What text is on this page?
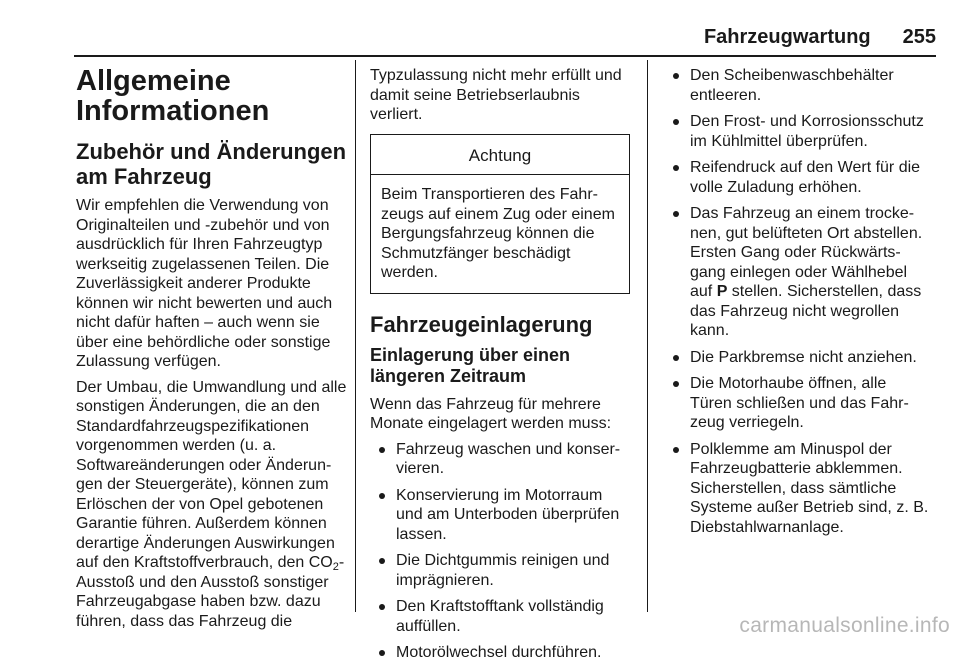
Fahrzeugwartung 255
Allgemeine Informationen
Zubehör und Änderungen am Fahrzeug

Wir empfehlen die Verwendung von Originalteilen und -zubehör und von ausdrücklich für Ihren Fahrzeugtyp werkseitig zugelassenen Teilen. Die Zuverlässigkeit anderer Produkte können wir nicht bewerten und auch nicht dafür haften – auch wenn sie über eine behördliche oder sonstige Zulassung verfügen.

Der Umbau, die Umwandlung und alle sonstigen Änderungen, die an den Standardfahrzeugspezifikationen vorgenommen werden (u. a. Softwareänderungen oder Änderungen der Steuergeräte), können zum Erlöschen der von Opel gebotenen Garantie führen. Außerdem können derartige Änderungen Auswirkungen auf den Kraftstoffverbrauch, den $CO_2$-Ausstoß und den Ausstoß sonstiger Fahrzeugabgase haben bzw. dazu führen, dass das Fahrzeug die

Typzulassung nicht mehr erfüllt und damit seine Betriebserlaubnis verliert.

Achtung
Beim Transportieren des Fahrzeugs auf einem Zug oder einem Bergungsfahrzeug können die Schmutzfänger beschädigt werden.
Fahrzeugeinlagerung
Einlagerung über einen längeren Zeitraum

Wenn das Fahrzeug für mehrere Monate eingelagert werden muss:

Fahrzeug waschen und konservieren.
Konservierung im Motorraum und am Unterboden überprüfen lassen.
Die Dichtgummis reinigen und imprägnieren.
Den Kraftstofftank vollständig auffüllen.
Motorölwechsel durchführen.
Den Scheibenwaschbehälter entleeren.
Den Frost- und Korrosionsschutz im Kühlmittel überprüfen.
Reifendruck auf den Wert für die volle Zuladung erhöhen.
Das Fahrzeug an einem trockenen, gut belüfteten Ort abstellen. Ersten Gang oder Rückwärtsgang einlegen oder Wählhebel auf P stellen. Sicherstellen, dass das Fahrzeug nicht wegrollen kann.
Die Parkbremse nicht anziehen.
Die Motorhaube öffnen, alle Türen schließen und das Fahrzeug verriegeln.
Polklemme am Minuspol der Fahrzeugbatterie abklemmen. Sicherstellen, dass sämtliche Systeme außer Betrieb sind, z. B. Diebstahlwarnanlage.
carmanualsonline.info
